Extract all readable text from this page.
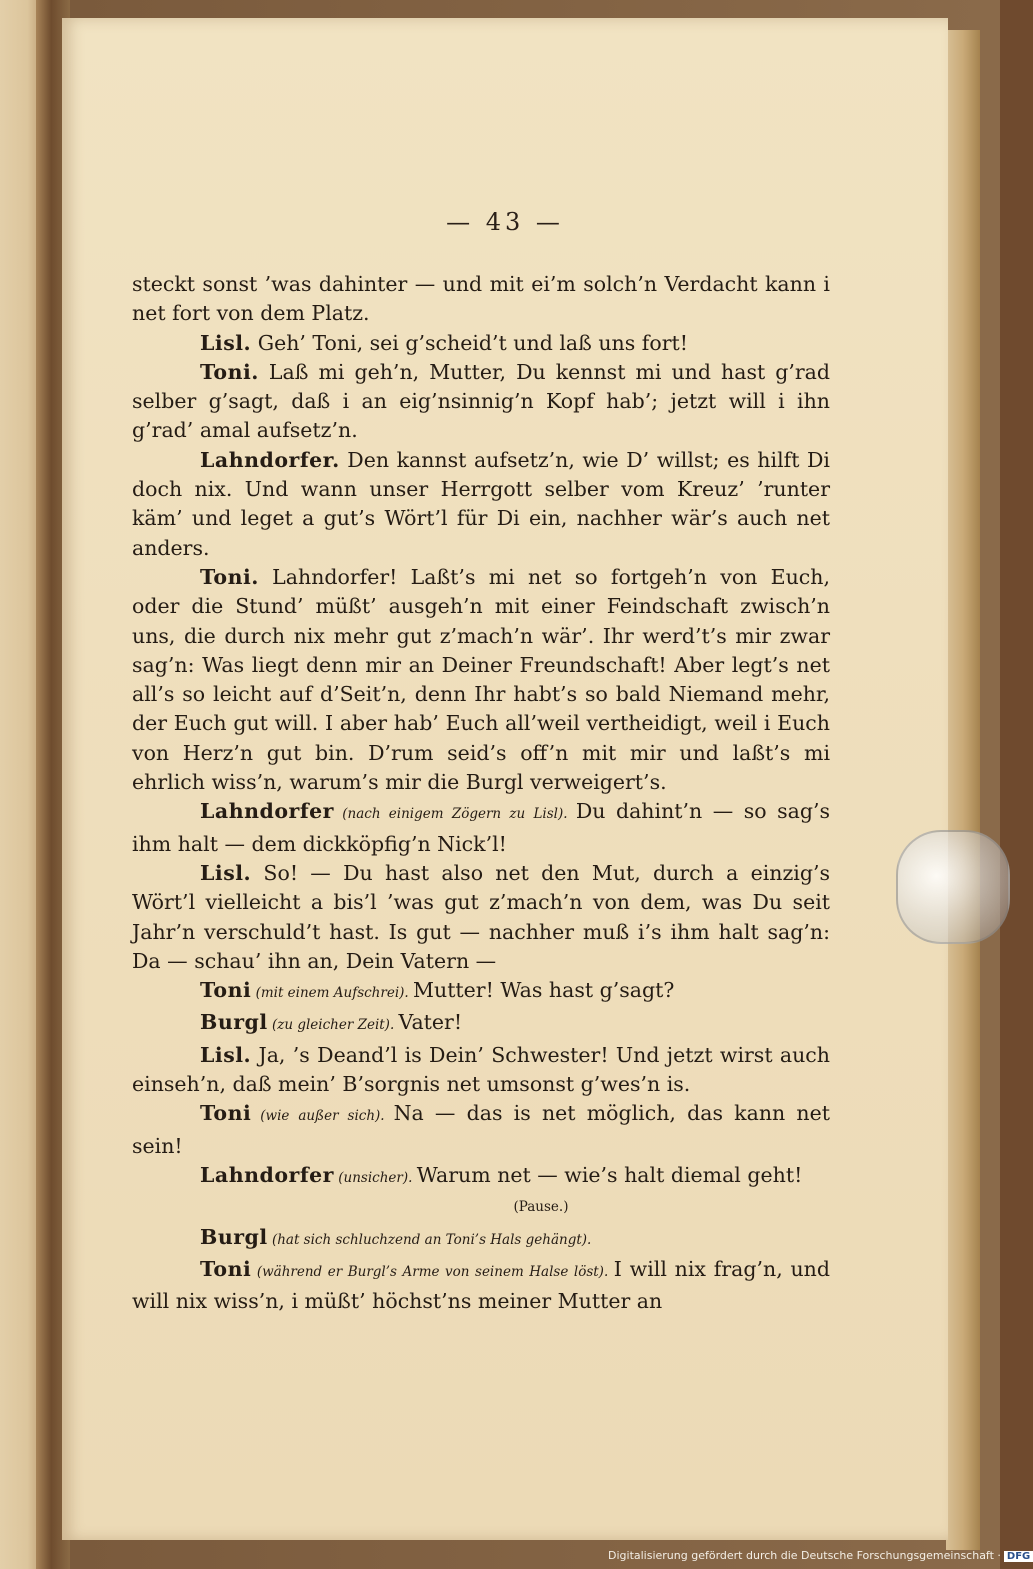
— 43 —

steckt sonst ’was dahinter — und mit ei’m solch’n Verdacht kann i net fort von dem Platz.

Lisl. Geh’ Toni, sei g’scheid’t und laß uns fort!

Toni. Laß mi geh’n, Mutter, Du kennst mi und hast g’rad selber g’sagt, daß i an eig’nsinnig’n Kopf hab’; jetzt will i ihn g’rad’ amal aufsetz’n.

Lahndorfer. Den kannst aufsetz’n, wie D’ willst; es hilft Di doch nix. Und wann unser Herrgott selber vom Kreuz’ ’runter käm’ und leget a gut’s Wört’l für Di ein, nachher wär’s auch net anders.

Toni. Lahndorfer! Laßt’s mi net so fortgeh’n von Euch, oder die Stund’ müßt’ ausgeh’n mit einer Feindschaft zwisch’n uns, die durch nix mehr gut z’mach’n wär’. Ihr werd’t’s mir zwar sag’n: Was liegt denn mir an Deiner Freundschaft! Aber legt’s net all’s so leicht auf d’Seit’n, denn Ihr habt’s so bald Niemand mehr, der Euch gut will. I aber hab’ Euch all’weil vertheidigt, weil i Euch von Herz’n gut bin. D’rum seid’s off’n mit mir und laßt’s mi ehrlich wiss’n, warum’s mir die Burgl verweigert’s.

Lahndorfer (nach einigem Zögern zu Lisl). Du dahint’n — so sag’s ihm halt — dem dickköpfig’n Nick’l!

Lisl. So! — Du hast also net den Mut, durch a einzig’s Wört’l vielleicht a bis’l ’was gut z’mach’n von dem, was Du seit Jahr’n verschuld’t hast. Is gut — nachher muß i’s ihm halt sag’n: Da — schau’ ihn an, Dein Vatern —

Toni (mit einem Aufschrei). Mutter! Was hast g’sagt?

Burgl (zu gleicher Zeit). Vater!

Lisl. Ja, ’s Deand’l is Dein’ Schwester! Und jetzt wirst auch einseh’n, daß mein’ B’sorgnis net umsonst g’wes’n is.

Toni (wie außer sich). Na — das is net möglich, das kann net sein!

Lahndorfer (unsicher). Warum net — wie’s halt diemal geht!

(Pause.)

Burgl (hat sich schluchzend an Toni’s Hals gehängt).

Toni (während er Burgl’s Arme von seinem Halse löst). I will nix frag’n, und will nix wiss’n, i müßt’ höchst’ns meiner Mutter an

Digitalisierung gefördert durch die Deutsche Forschungsgemeinschaft · DFG
